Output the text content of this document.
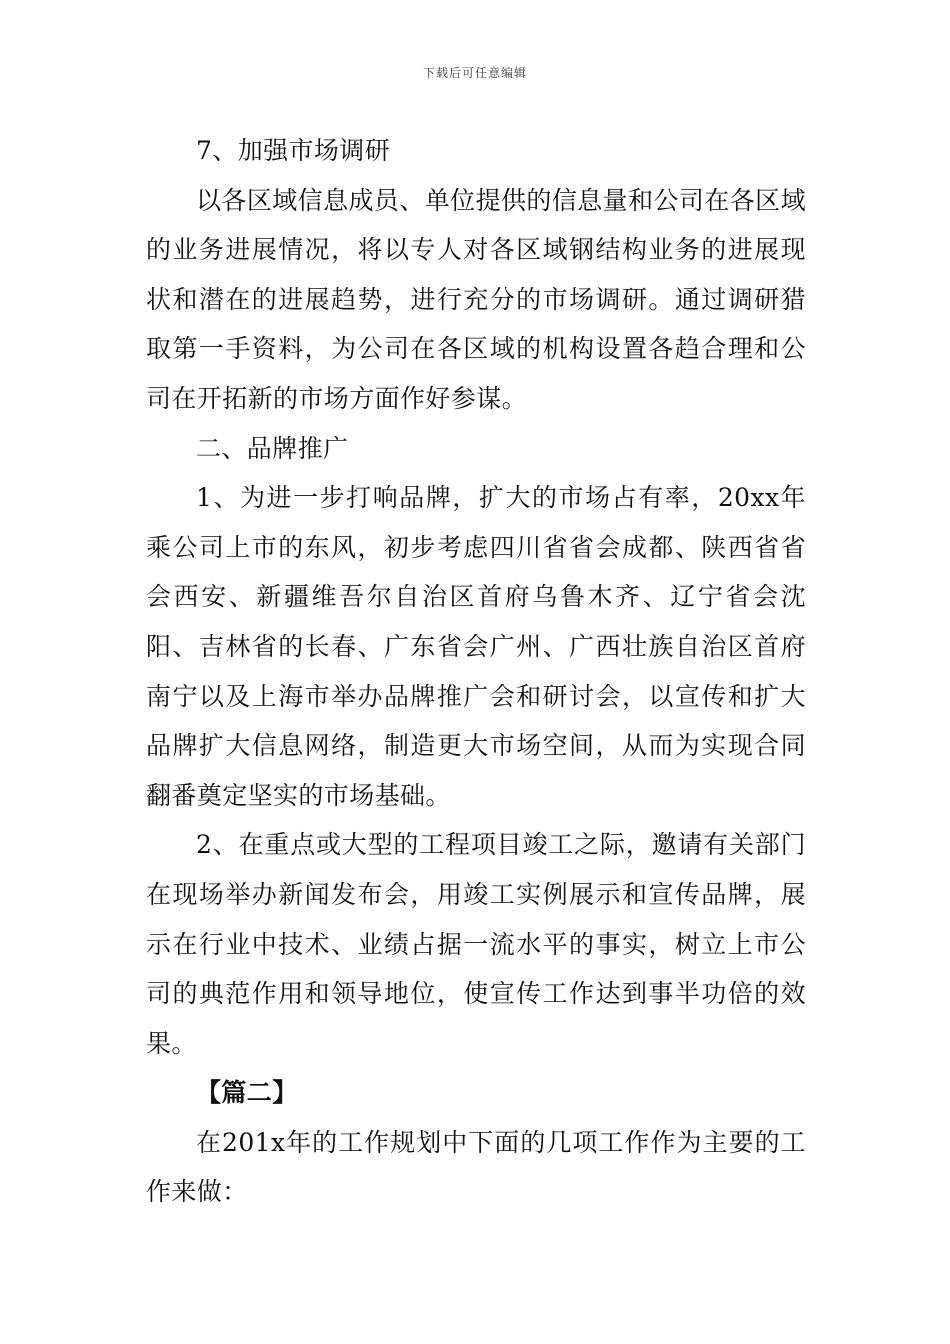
下载后可任意编辑

7、加强市场调研

以各区域信息成员、单位提供的信息量和公司在各区域的业务进展情况，将以专人对各区域钢结构业务的进展现状和潜在的进展趋势，进行充分的市场调研。通过调研猎取第一手资料，为公司在各区域的机构设置各趋合理和公司在开拓新的市场方面作好参谋。

二、品牌推广

1、为进一步打响品牌，扩大的市场占有率，20xx年乘公司上市的东风，初步考虑四川省省会成都、陕西省省会西安、新疆维吾尔自治区首府乌鲁木齐、辽宁省会沈阳、吉林省的长春、广东省会广州、广西壮族自治区首府南宁以及上海市举办品牌推广会和研讨会，以宣传和扩大品牌扩大信息网络，制造更大市场空间，从而为实现合同翻番奠定坚实的市场基础。

2、在重点或大型的工程项目竣工之际，邀请有关部门在现场举办新闻发布会，用竣工实例展示和宣传品牌，展示在行业中技术、业绩占据一流水平的事实，树立上市公司的典范作用和领导地位，使宣传工作达到事半功倍的效果。

【篇二】

在201x年的工作规划中下面的几项工作作为主要的工作来做：
